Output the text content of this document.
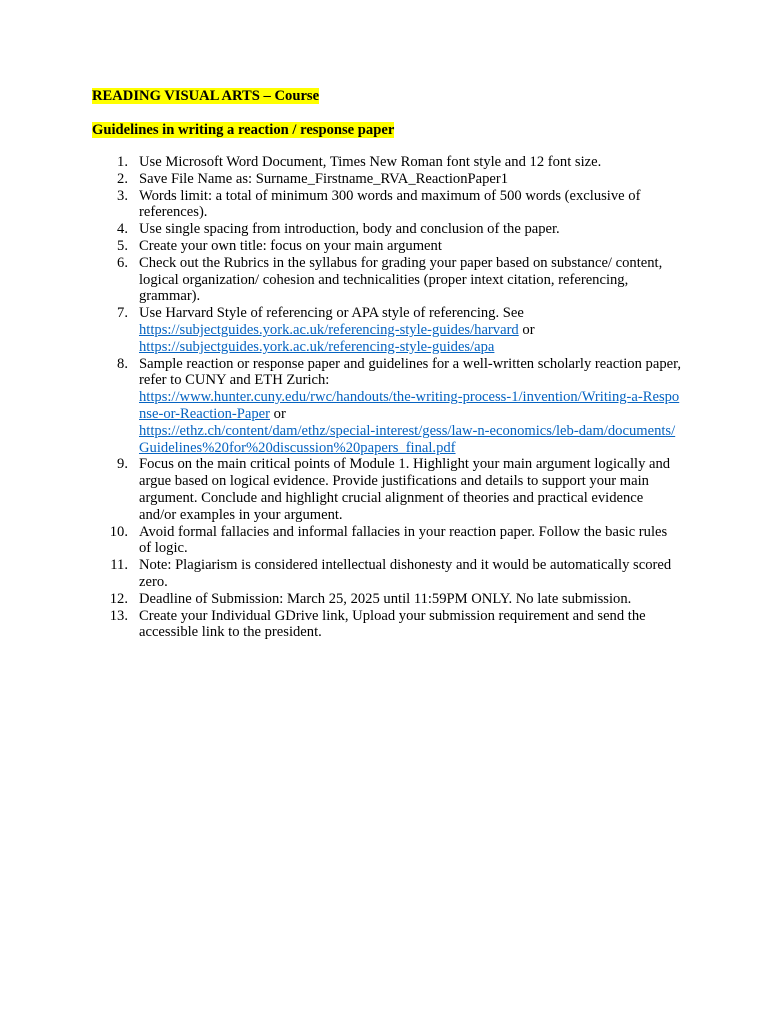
READING VISUAL ARTS – Course

Guidelines in writing a reaction / response paper

1. Use Microsoft Word Document, Times New Roman font style and 12 font size.
2. Save File Name as: Surname_Firstname_RVA_ReactionPaper1
3. Words limit: a total of minimum 300 words and maximum of 500 words (exclusive of references).
4. Use single spacing from introduction, body and conclusion of the paper.
5. Create your own title: focus on your main argument
6. Check out the Rubrics in the syllabus for grading your paper based on substance/ content, logical organization/ cohesion and technicalities (proper intext citation, referencing, grammar).
7. Use Harvard Style of referencing or APA style of referencing. See
https://subjectguides.york.ac.uk/referencing-style-guides/harvard or
https://subjectguides.york.ac.uk/referencing-style-guides/apa
8. Sample reaction or response paper and guidelines for a well-written scholarly reaction paper, refer to CUNY and ETH Zurich:
https://www.hunter.cuny.edu/rwc/handouts/the-writing-process-1/invention/Writing-a-Response-or-Reaction-Paper or
https://ethz.ch/content/dam/ethz/special-interest/gess/law-n-economics/leb-dam/documents/Guidelines%20for%20discussion%20papers_final.pdf
9. Focus on the main critical points of Module 1. Highlight your main argument logically and argue based on logical evidence. Provide justifications and details to support your main argument. Conclude and highlight crucial alignment of theories and practical evidence and/or examples in your argument.
10. Avoid formal fallacies and informal fallacies in your reaction paper. Follow the basic rules of logic.
11. Note: Plagiarism is considered intellectual dishonesty and it would be automatically scored zero.
12. Deadline of Submission: March 25, 2025 until 11:59PM ONLY. No late submission.
13. Create your Individual GDrive link, Upload your submission requirement and send the accessible link to the president.
